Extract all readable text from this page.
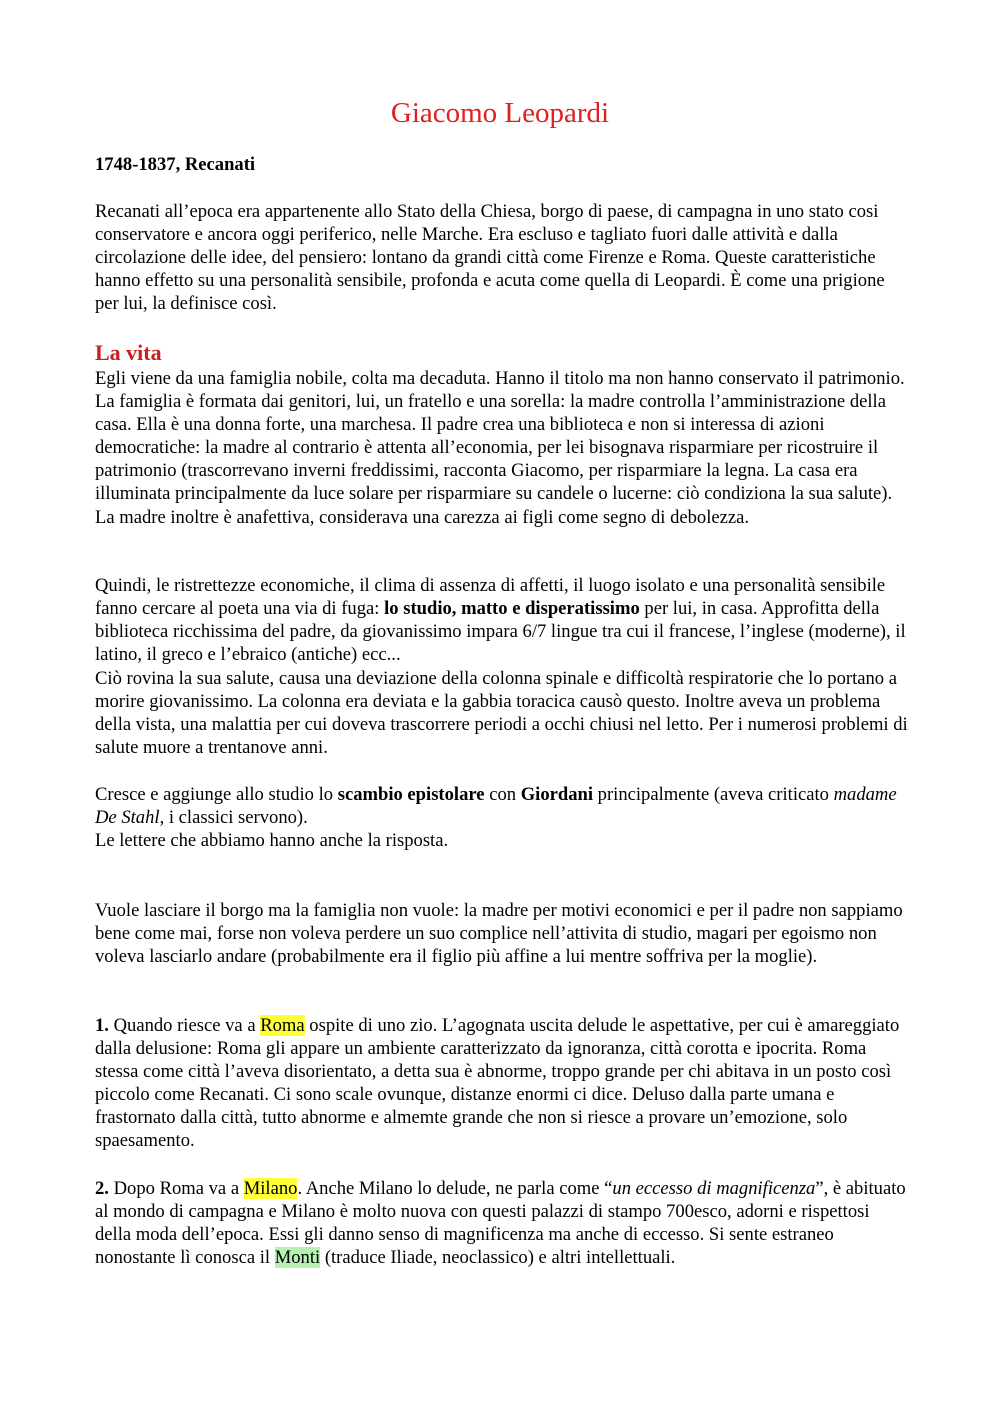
Giacomo Leopardi

1748-1837, Recanati

Recanati all’epoca era appartenente allo Stato della Chiesa, borgo di paese, di campagna in uno stato cosi conservatore e ancora oggi periferico, nelle Marche. Era escluso e tagliato fuori dalle attività e dalla circolazione delle idee, del pensiero: lontano da grandi città come Firenze e Roma. Queste caratteristiche hanno effetto su una personalità sensibile, profonda e acuta come quella di Leopardi. È come una prigione per lui, la definisce così.

La vita

Egli viene da una famiglia nobile, colta ma decaduta. Hanno il titolo ma non hanno conservato il patrimonio. La famiglia è formata dai genitori, lui, un fratello e una sorella: la madre controlla l’amministrazione della casa. Ella è una donna forte, una marchesa. Il padre crea una biblioteca e non si interessa di azioni democratiche: la madre al contrario è attenta all’economia, per lei bisognava risparmiare per ricostruire il patrimonio (trascorrevano inverni freddissimi, racconta Giacomo, per risparmiare la legna. La casa era illuminata principalmente da luce solare per risparmiare su candele o lucerne: ciò condiziona la sua salute). La madre inoltre è anafettiva, considerava una carezza ai figli come segno di debolezza.

Quindi, le ristrettezze economiche, il clima di assenza di affetti, il luogo isolato e una personalità sensibile fanno cercare al poeta una via di fuga: lo studio, matto e disperatissimo per lui, in casa. Approfitta della biblioteca ricchissima del padre, da giovanissimo impara 6/7 lingue tra cui il francese, l’inglese (moderne), il latino, il greco e l’ebraico (antiche) ecc...

Ciò rovina la sua salute, causa una deviazione della colonna spinale e difficoltà respiratorie che lo portano a morire giovanissimo. La colonna era deviata e la gabbia toracica causò questo. Inoltre aveva un problema della vista, una malattia per cui doveva trascorrere periodi a occhi chiusi nel letto. Per i numerosi problemi di salute muore a trentanove anni.

Cresce e aggiunge allo studio lo scambio epistolare con Giordani principalmente (aveva criticato madame De Stahl, i classici servono).

Le lettere che abbiamo hanno anche la risposta.

Vuole lasciare il borgo ma la famiglia non vuole: la madre per motivi economici e per il padre non sappiamo bene come mai, forse non voleva perdere un suo complice nell’attivita di studio, magari per egoismo non voleva lasciarlo andare (probabilmente era il figlio più affine a lui mentre soffriva per la moglie).

1. Quando riesce va a Roma ospite di uno zio. L’agognata uscita delude le aspettative, per cui è amareggiato dalla delusione: Roma gli appare un ambiente caratterizzato da ignoranza, città corotta e ipocrita. Roma stessa come città l’aveva disorientato, a detta sua è abnorme, troppo grande per chi abitava in un posto così piccolo come Recanati. Ci sono scale ovunque, distanze enormi ci dice. Deluso dalla parte umana e frastornato dalla città, tutto abnorme e almemte grande che non si riesce a provare un’emozione, solo spaesamento.

2. Dopo Roma va a Milano. Anche Milano lo delude, ne parla come “un eccesso di magnificenza”, è abituato al mondo di campagna e Milano è molto nuova con questi palazzi di stampo 700esco, adorni e rispettosi della moda dell’epoca. Essi gli danno senso di magnificenza ma anche di eccesso. Si sente estraneo nonostante lì conosca il Monti (traduce Iliade, neoclassico) e altri intellettuali.
